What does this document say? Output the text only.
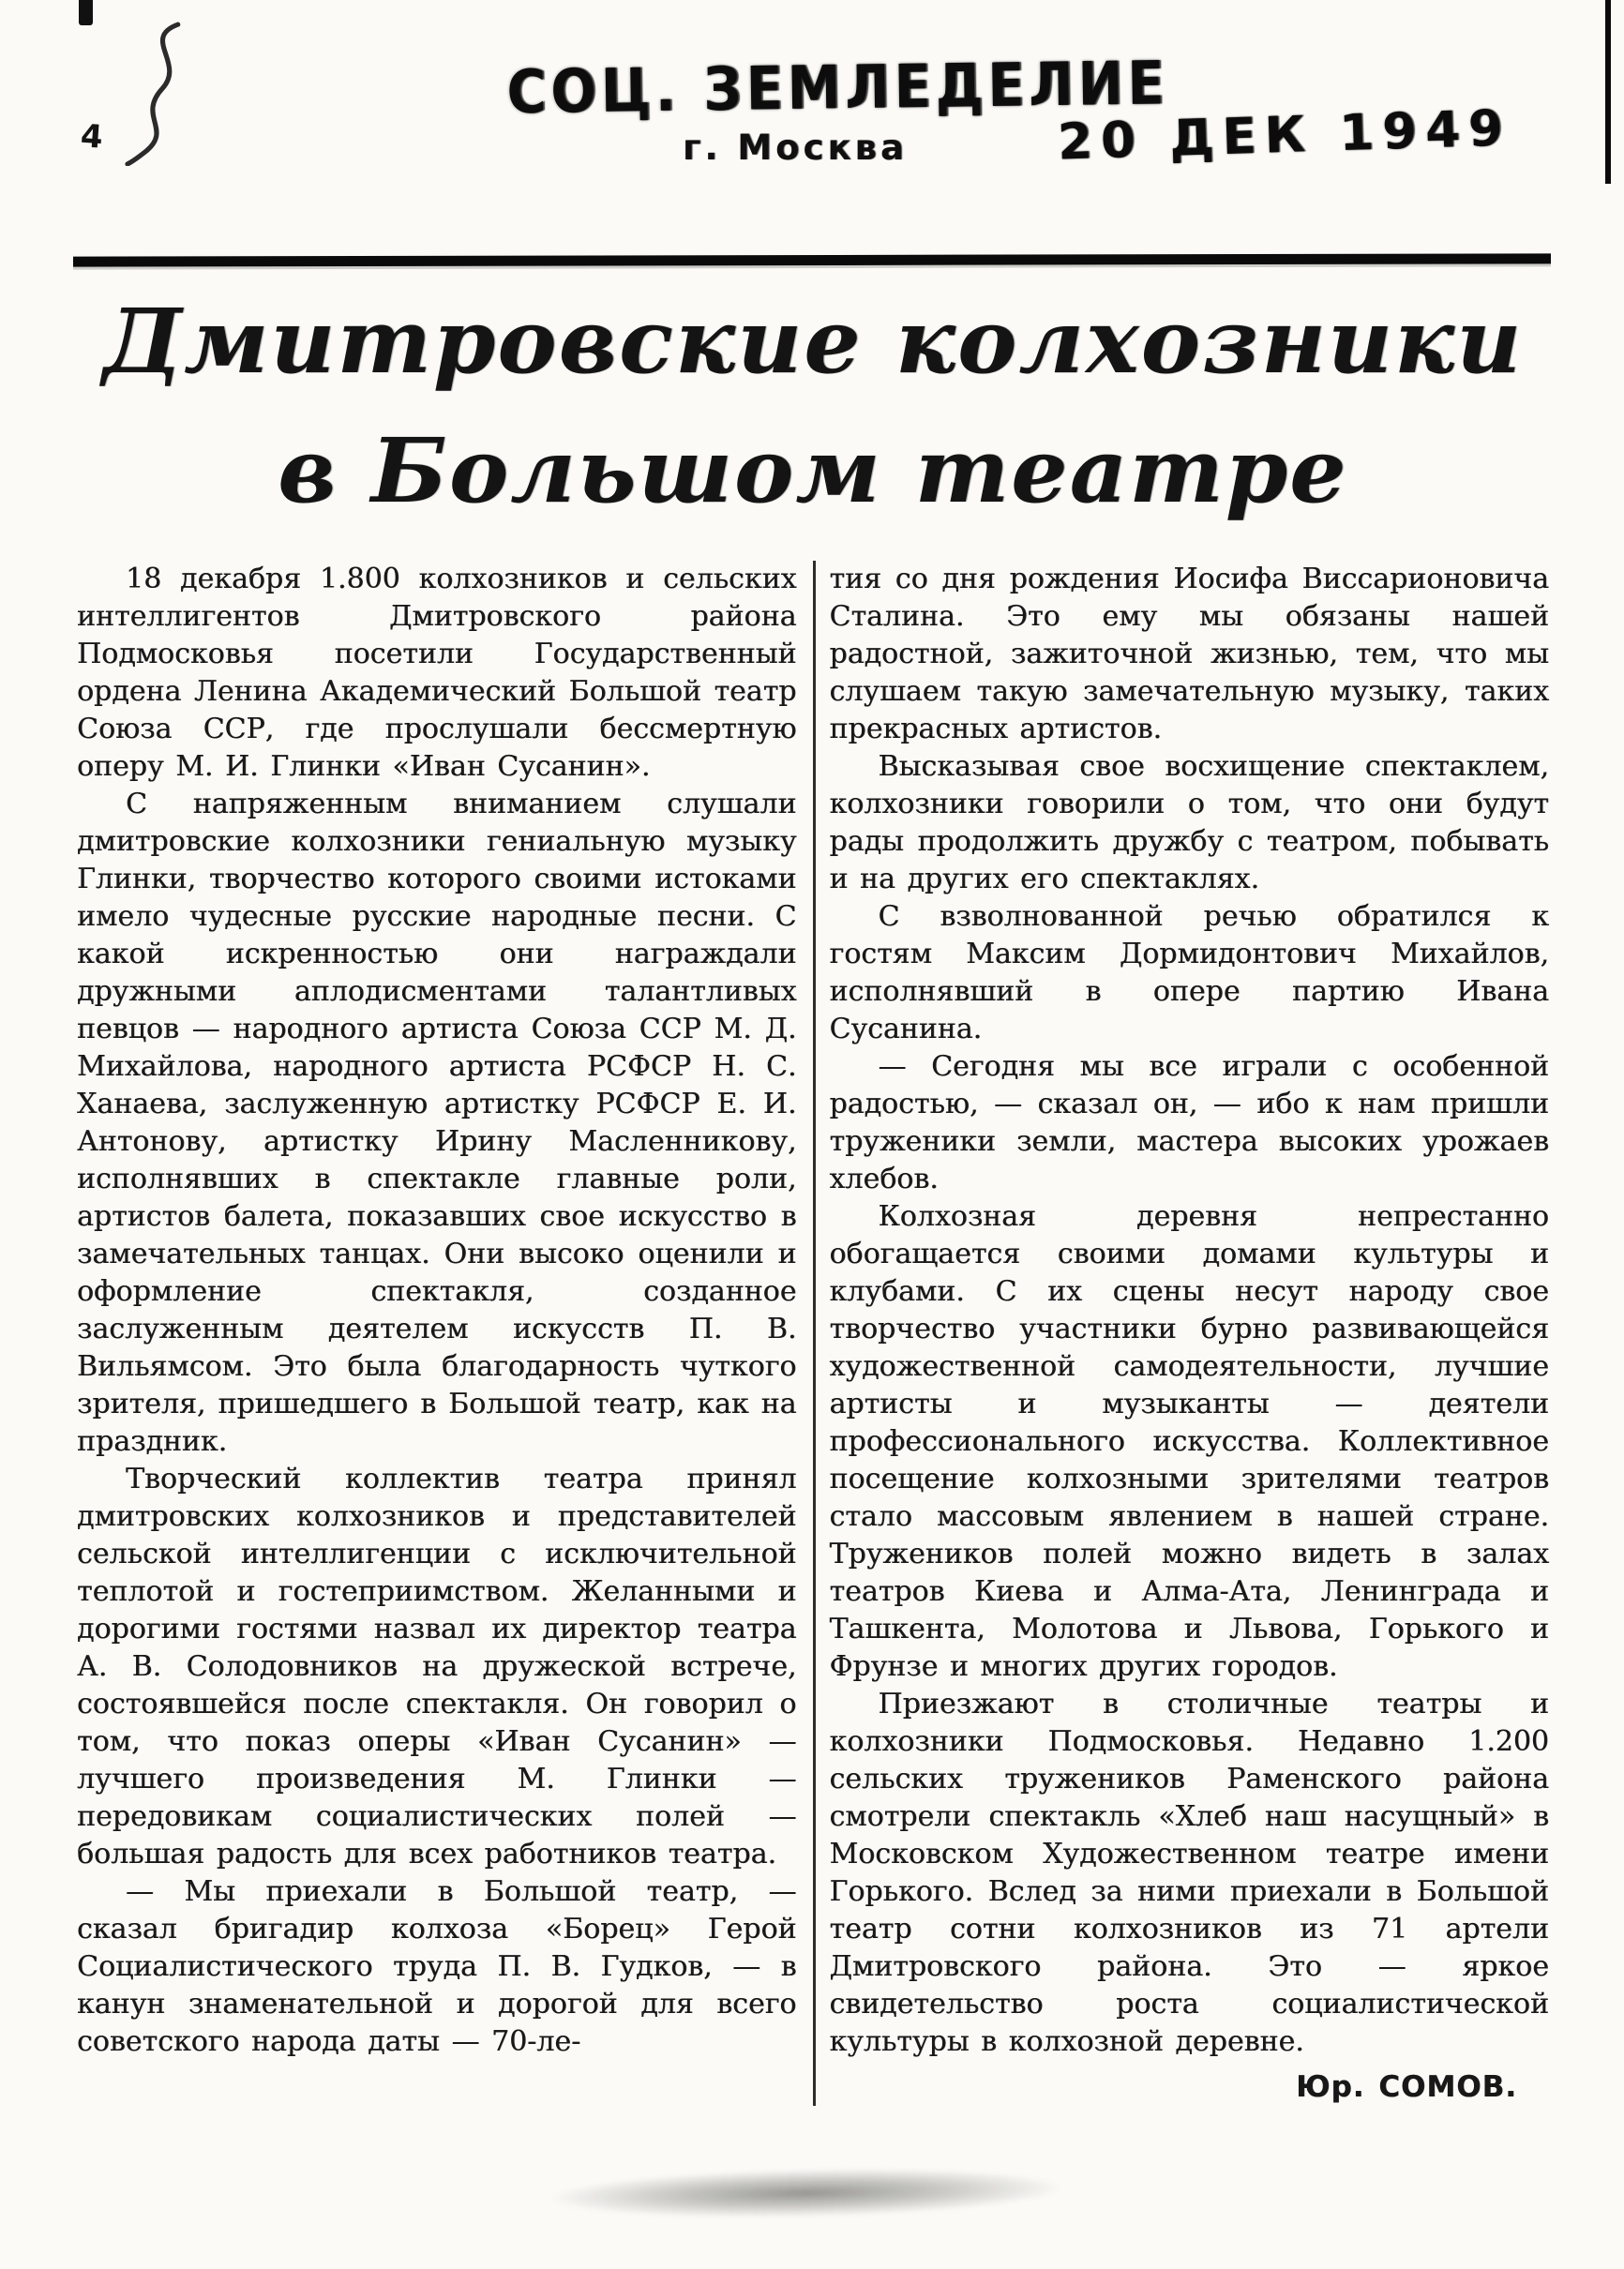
4
СОЦ. ЗЕМЛЕДЕЛИЕ
г. Москва	20 ДЕК 1949
Дмитровские колхозники
в Большом театре

18 декабря 1.800 колхозников и сельских интеллигентов Дмитровского района Подмосковья посетили Государственный ордена Ленина Академический Большой театр Союза ССР, где прослушали бессмертную оперу М. И. Глинки «Иван Сусанин».

С напряженным вниманием слушали дмитровские колхозники гениальную музыку Глинки, творчество которого своими истоками имело чудесные русские народные песни. С какой искренностью они награждали дружными аплодисментами талантливых певцов — народного артиста Союза ССР М. Д. Михайлова, народного артиста РСФСР Н. С. Ханаева, заслуженную артистку РСФСР Е. И. Антонову, артистку Ирину Масленникову, исполнявших в спектакле главные роли, артистов балета, показавших свое искусство в замечательных танцах. Они высоко оценили и оформление спектакля, созданное заслуженным деятелем искусств П. В. Вильямсом. Это была благодарность чуткого зрителя, пришедшего в Большой театр, как на праздник.

Творческий коллектив театра принял дмитровских колхозников и представителей сельской интеллигенции с исключительной теплотой и гостеприимством. Желанными и дорогими гостями назвал их директор театра А. В. Солодовников на дружеской встрече, состоявшейся после спектакля. Он говорил о том, что показ оперы «Иван Сусанин» — лучшего произведения М. Глинки — передовикам социалистических полей — большая радость для всех работников театра.

— Мы приехали в Большой театр, — сказал бригадир колхоза «Борец» Герой Социалистического труда П. В. Гудков, — в канун знаменательной и дорогой для всего советского народа даты — 70-ле-

тия со дня рождения Иосифа Виссарионовича Сталина. Это ему мы обязаны нашей радостной, зажиточной жизнью, тем, что мы слушаем такую замечательную музыку, таких прекрасных артистов.

Высказывая свое восхищение спектаклем, колхозники говорили о том, что они будут рады продолжить дружбу с театром, побывать и на других его спектаклях.

С взволнованной речью обратился к гостям Максим Дормидонтович Михайлов, исполнявший в опере партию Ивана Сусанина.

— Сегодня мы все играли с особенной радостью, — сказал он, — ибо к нам пришли труженики земли, мастера высоких урожаев хлебов.

Колхозная деревня непрестанно обогащается своими домами культуры и клубами. С их сцены несут народу свое творчество участники бурно развивающейся художественной самодеятельности, лучшие артисты и музыканты — деятели профессионального искусства. Коллективное посещение колхозными зрителями театров стало массовым явлением в нашей стране. Тружеников полей можно видеть в залах театров Киева и Алма-Ата, Ленинграда и Ташкента, Молотова и Львова, Горького и Фрунзе и многих других городов.

Приезжают в столичные театры и колхозники Подмосковья. Недавно 1.200 сельских тружеников Раменского района смотрели спектакль «Хлеб наш насущный» в Московском Художественном театре имени Горького. Вслед за ними приехали в Большой театр сотни колхозников из 71 артели Дмитровского района. Это — яркое свидетельство роста социалистической культуры в колхозной деревне.

Юр. СОМОВ.
